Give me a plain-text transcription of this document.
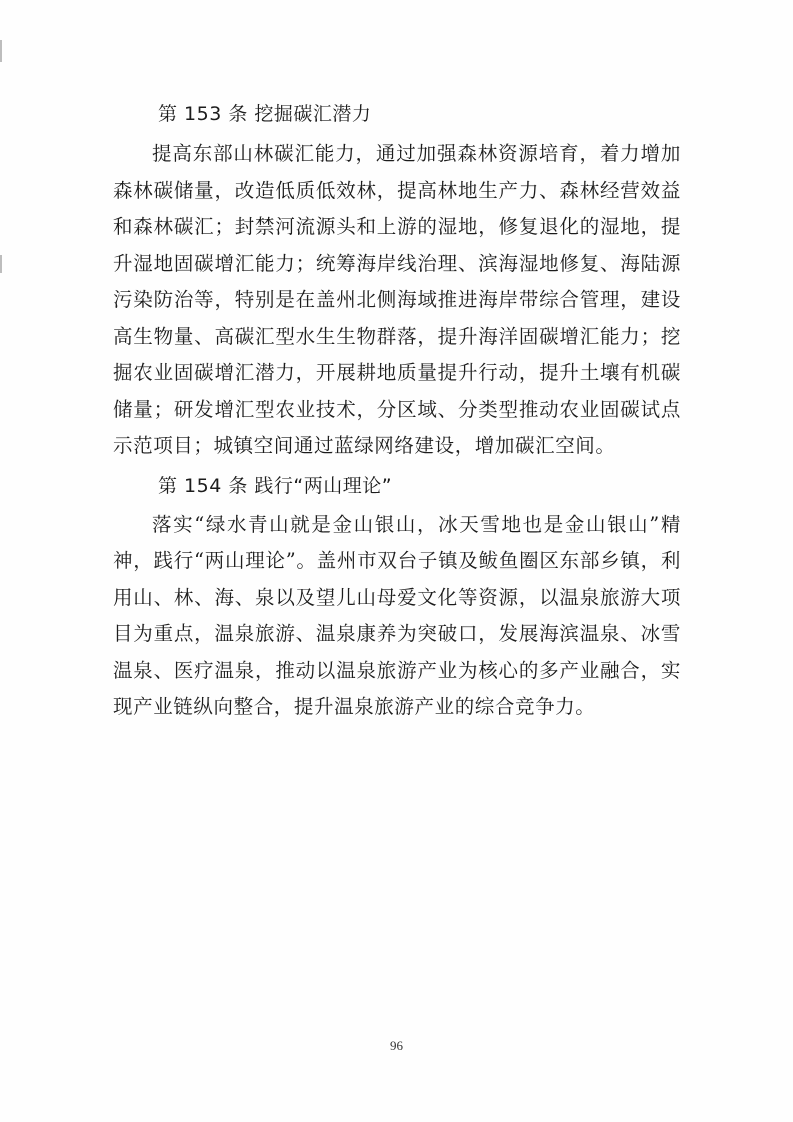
第 153 条 挖掘碳汇潜力

提高东部山林碳汇能力，通过加强森林资源培育，着力增加森林碳储量，改造低质低效林，提高林地生产力、森林经营效益和森林碳汇；封禁河流源头和上游的湿地，修复退化的湿地，提升湿地固碳增汇能力；统筹海岸线治理、滨海湿地修复、海陆源污染防治等，特别是在盖州北侧海域推进海岸带综合管理，建设高生物量、高碳汇型水生生物群落，提升海洋固碳增汇能力；挖掘农业固碳增汇潜力，开展耕地质量提升行动，提升土壤有机碳储量；研发增汇型农业技术，分区域、分类型推动农业固碳试点示范项目；城镇空间通过蓝绿网络建设，增加碳汇空间。

第 154 条 践行“两山理论”

落实“绿水青山就是金山银山，冰天雪地也是金山银山”精神，践行“两山理论”。盖州市双台子镇及鲅鱼圈区东部乡镇，利用山、林、海、泉以及望儿山母爱文化等资源，以温泉旅游大项目为重点，温泉旅游、温泉康养为突破口，发展海滨温泉、冰雪温泉、医疗温泉，推动以温泉旅游产业为核心的多产业融合，实现产业链纵向整合，提升温泉旅游产业的综合竞争力。

96
